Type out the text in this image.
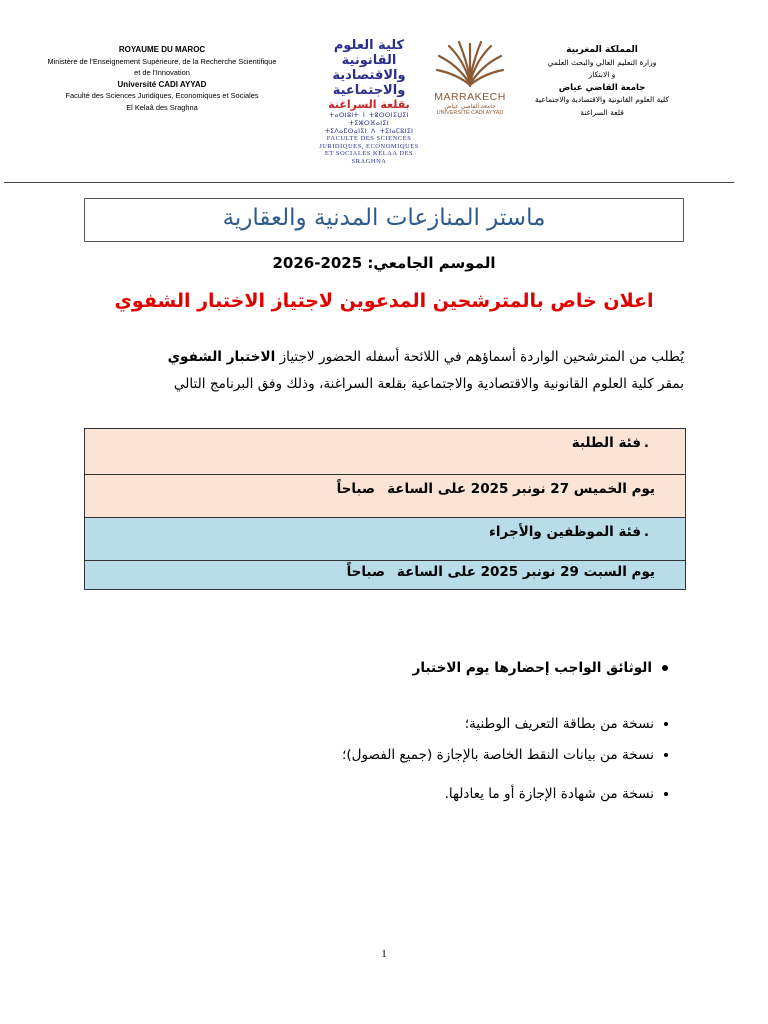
ROYAUME DU MAROC
Ministère de l'Enseignement Supérieure, de la Recherche Scientifique
et de l'Innovation
Université CADI AYYAD
Faculté des Sciences Juridiques, Economiques et Sociales
El Kelaâ des Sraghna
كلية العلوم القانونية
والاقتصادية والاجتماعية
بقلعة السراغنة
ⵜⴰⵙⵏⵓⵏⵜ ⵏ ⵜⵓⵙⵙⵏⵉⵡⵉⵏ ⵜⵉⵣⵔⴼⴰⵏⵉⵏ
ⵜⵉⴷⴰⵎⵙⴰⵏⵉⵏ ⴷ ⵜⵉⵏⴰⵎⵓⵏⵉⵏ
FACULTE DES SCIENCES
JURIDIQUES, ECONOMIQUES
ET SOCIALES KELAA DES SRAGHNA
MARRAKECH
جامعة القاضي عياض
UNIVERSITÉ CADI AYYAD
المملكة المغربية
وزارة التعليم العالي والبحث العلمي
و الابتكار
جامعة القاضي عياض
كلية العلوم القانونية والاقتصادية والاجتماعية
قلعة السراغنة
ماستر المنازعات المدنية والعقارية
الموسم الجامعي: 2025-2026
اعلان خاص بالمترشحين المدعوين لاجتياز الاختبار الشفوي
يُطلب من المترشحين الواردة أسماؤهم في اللائحة أسفله الحضور لاجتياز الاختبار الشفوي
بمقر كلية العلوم القانونية والاقتصادية والاجتماعية بقلعة السراغنة، وذلك وفق البرنامج التالي
فئة الطلبة .
يوم الخميس 27 نونبر 2025 على الساعة
صباحاً
فئة الموظفين والأجراء .
يوم السبت 29 نونبر 2025 على الساعة
صباحاً
الوثائق الواجب إحضارها يوم الاختبار
نسخة من بطاقة التعريف الوطنية؛
نسخة من بيانات النقط الخاصة بالإجازة (جميع الفصول)؛
نسخة من شهادة الإجازة أو ما يعادلها.
1
